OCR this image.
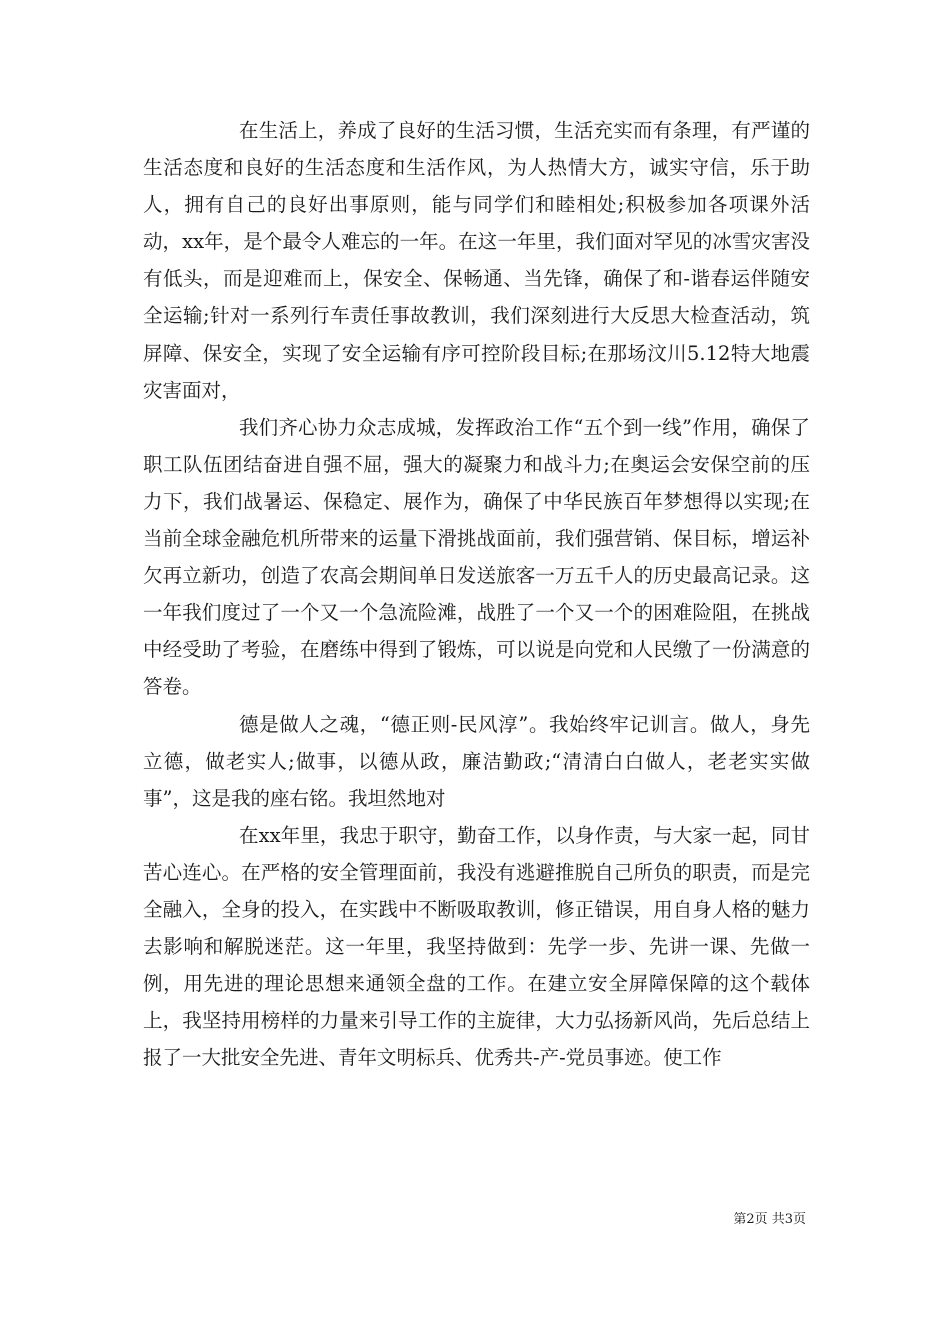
在生活上，养成了良好的生活习惯，生活充实而有条理，有严谨的生活态度和良好的生活态度和生活作风，为人热情大方，诚实守信，乐于助人，拥有自己的良好出事原则，能与同学们和睦相处;积极参加各项课外活动，xx年，是个最令人难忘的一年。在这一年里，我们面对罕见的冰雪灾害没有低头，而是迎难而上，保安全、保畅通、当先锋，确保了和-谐春运伴随安全运输;针对一系列行车责任事故教训，我们深刻进行大反思大检查活动，筑屏障、保安全，实现了安全运输有序可控阶段目标;在那场汶川5.12特大地震灾害面对，

我们齐心协力众志成城，发挥政治工作“五个到一线”作用，确保了职工队伍团结奋进自强不屈，强大的凝聚力和战斗力;在奥运会安保空前的压力下，我们战暑运、保稳定、展作为，确保了中华民族百年梦想得以实现;在当前全球金融危机所带来的运量下滑挑战面前，我们强营销、保目标，增运补欠再立新功，创造了农高会期间单日发送旅客一万五千人的历史最高记录。这一年我们度过了一个又一个急流险滩，战胜了一个又一个的困难险阻，在挑战中经受助了考验，在磨练中得到了锻炼，可以说是向党和人民缴了一份满意的答卷。

德是做人之魂，“德正则-民风淳”。我始终牢记训言。做人，身先立德，做老实人;做事，以德从政，廉洁勤政;“清清白白做人，老老实实做事”，这是我的座右铭。我坦然地对

在xx年里，我忠于职守，勤奋工作，以身作责，与大家一起，同甘苦心连心。在严格的安全管理面前，我没有逃避推脱自己所负的职责，而是完全融入，全身的投入，在实践中不断吸取教训，修正错误，用自身人格的魅力去影响和解脱迷茫。这一年里，我坚持做到：先学一步、先讲一课、先做一例，用先进的理论思想来通领全盘的工作。在建立安全屏障保障的这个载体上，我坚持用榜样的力量来引导工作的主旋律，大力弘扬新风尚，先后总结上报了一大批安全先进、青年文明标兵、优秀共-产-党员事迹。使工作

第2页 共3页
